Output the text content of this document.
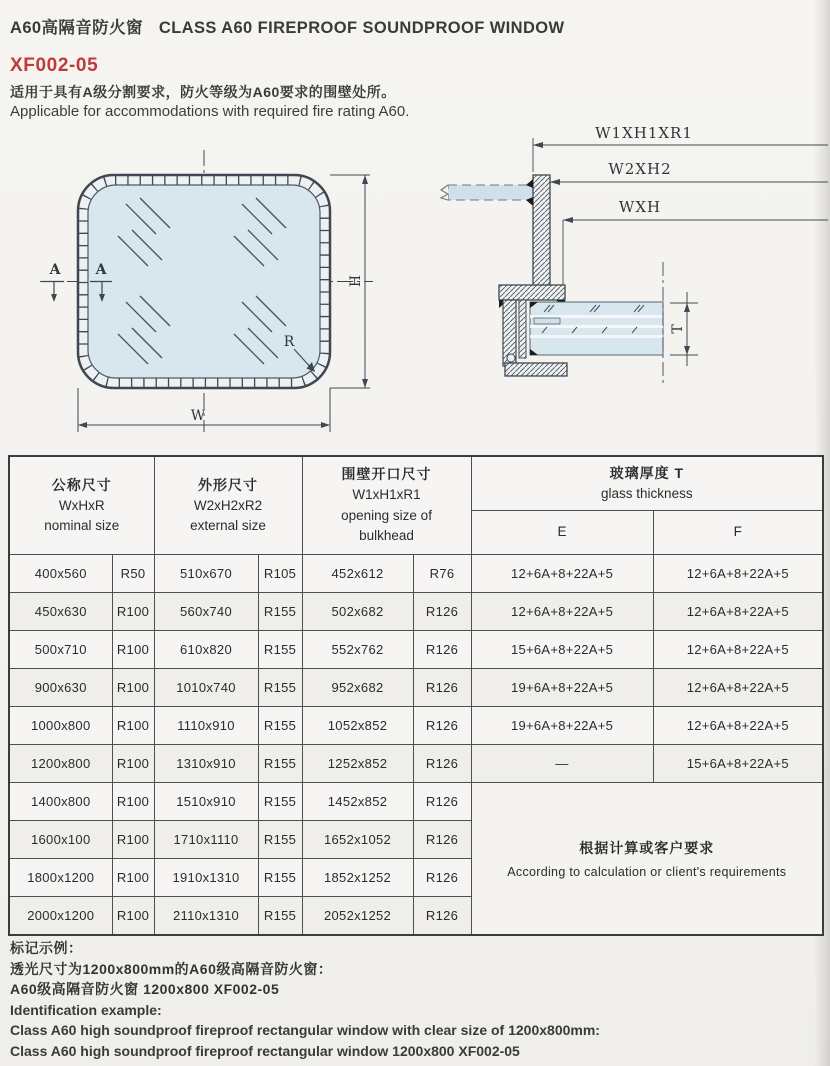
A60高隔音防火窗 CLASS A60 FIREPROOF SOUNDPROOF WINDOW
XF002-05
适用于具有A级分割要求，防火等级为A60要求的围壁处所。
Applicable for accommodations with required fire rating A60.
A	A
H
W
R
W1XH1XR1
W2XH2
WXH
T
公称尺寸
WxHxR
nominal size

外形尺寸
W2xH2xR2
external size

围壁开口尺寸
W1xH1xR1
opening size of
bulkhead

玻璃厚度 T
glass thickness

						E	F
400x560	R50	510x670	R105	452x612	R76	12+6A+8+22A+5	12+6A+8+22A+5
450x630	R100	560x740	R155	502x682	R126	12+6A+8+22A+5	12+6A+8+22A+5
500x710	R100	610x820	R155	552x762	R126	15+6A+8+22A+5	12+6A+8+22A+5
900x630	R100	1010x740	R155	952x682	R126	19+6A+8+22A+5	12+6A+8+22A+5
1000x800	R100	1110x910	R155	1052x852	R126	19+6A+8+22A+5	12+6A+8+22A+5
1200x800	R100	1310x910	R155	1252x852	R126	—	15+6A+8+22A+5
1400x800	R100	1510x910	R155	1452x852	R126	根据计算或客户要求
According to calculation or client's requirements	

1600x100	R100	1710x1110	R155	1652x1052	R126		
1800x1200	R100	1910x1310	R155	1852x1252	R126		
2000x1200	R100	2110x1310	R155	2052x1252	R126		
标记示例：
透光尺寸为1200x800mm的A60级高隔音防火窗：
A60级高隔音防火窗 1200x800 XF002-05
Identification example:
Class A60 high soundproof fireproof rectangular window with clear size of 1200x800mm:
Class A60 high soundproof fireproof rectangular window 1200x800 XF002-05
